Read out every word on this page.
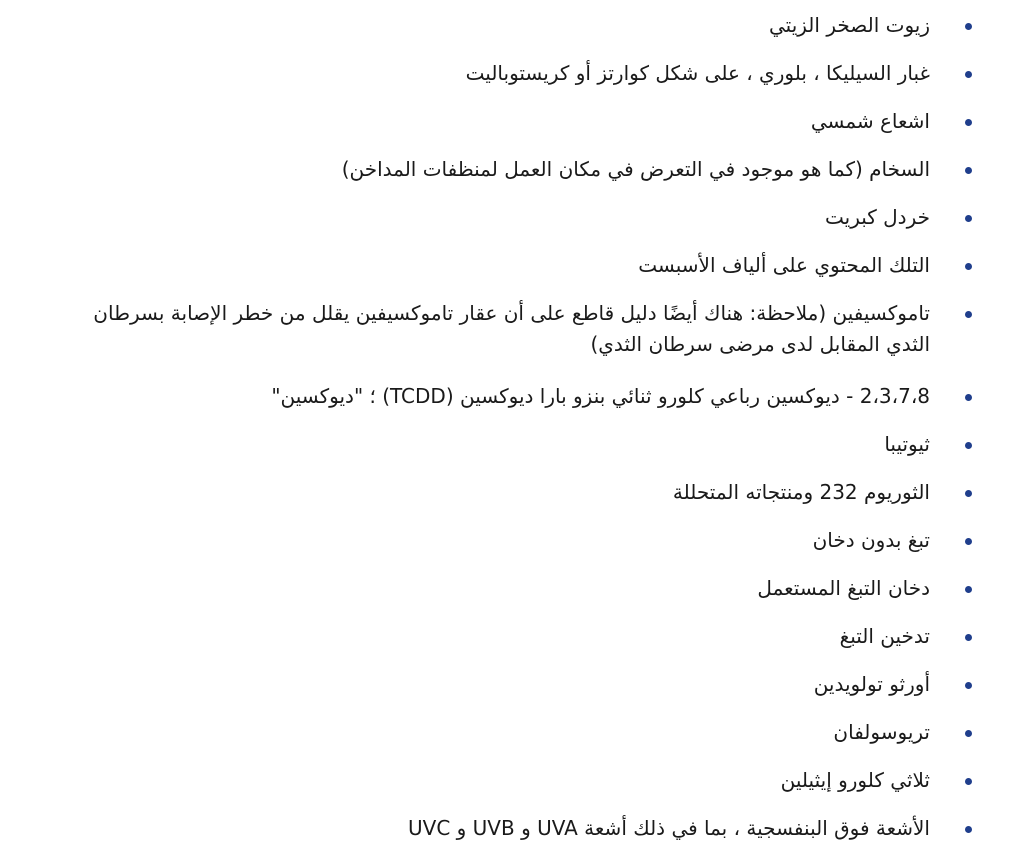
زيوت الصخر الزيتي
غبار السيليكا ، بلوري ، على شكل كوارتز أو كريستوباليت
اشعاع شمسي
السخام (كما هو موجود في التعرض في مكان العمل لمنظفات المداخن)
خردل كبريت
التلك المحتوي على ألياف الأسبست
تاموكسيفين (ملاحظة: هناك أيضًا دليل قاطع على أن عقار تاموكسيفين يقلل من خطر الإصابة بسرطان الثدي المقابل لدى مرضى سرطان الثدي)
2،3،7،8 - ديوكسين رباعي كلورو ثنائي بنزو بارا ديوكسين (TCDD) ؛ "ديوكسين"
ثيوتيبا
الثوريوم 232 ومنتجاته المتحللة
تبغ بدون دخان
دخان التبغ المستعمل
تدخين التبغ
أورثو تولويدين
تريوسولفان
ثلاثي كلورو إيثيلين
الأشعة فوق البنفسجية ، بما في ذلك أشعة UVA و UVB و UVC
